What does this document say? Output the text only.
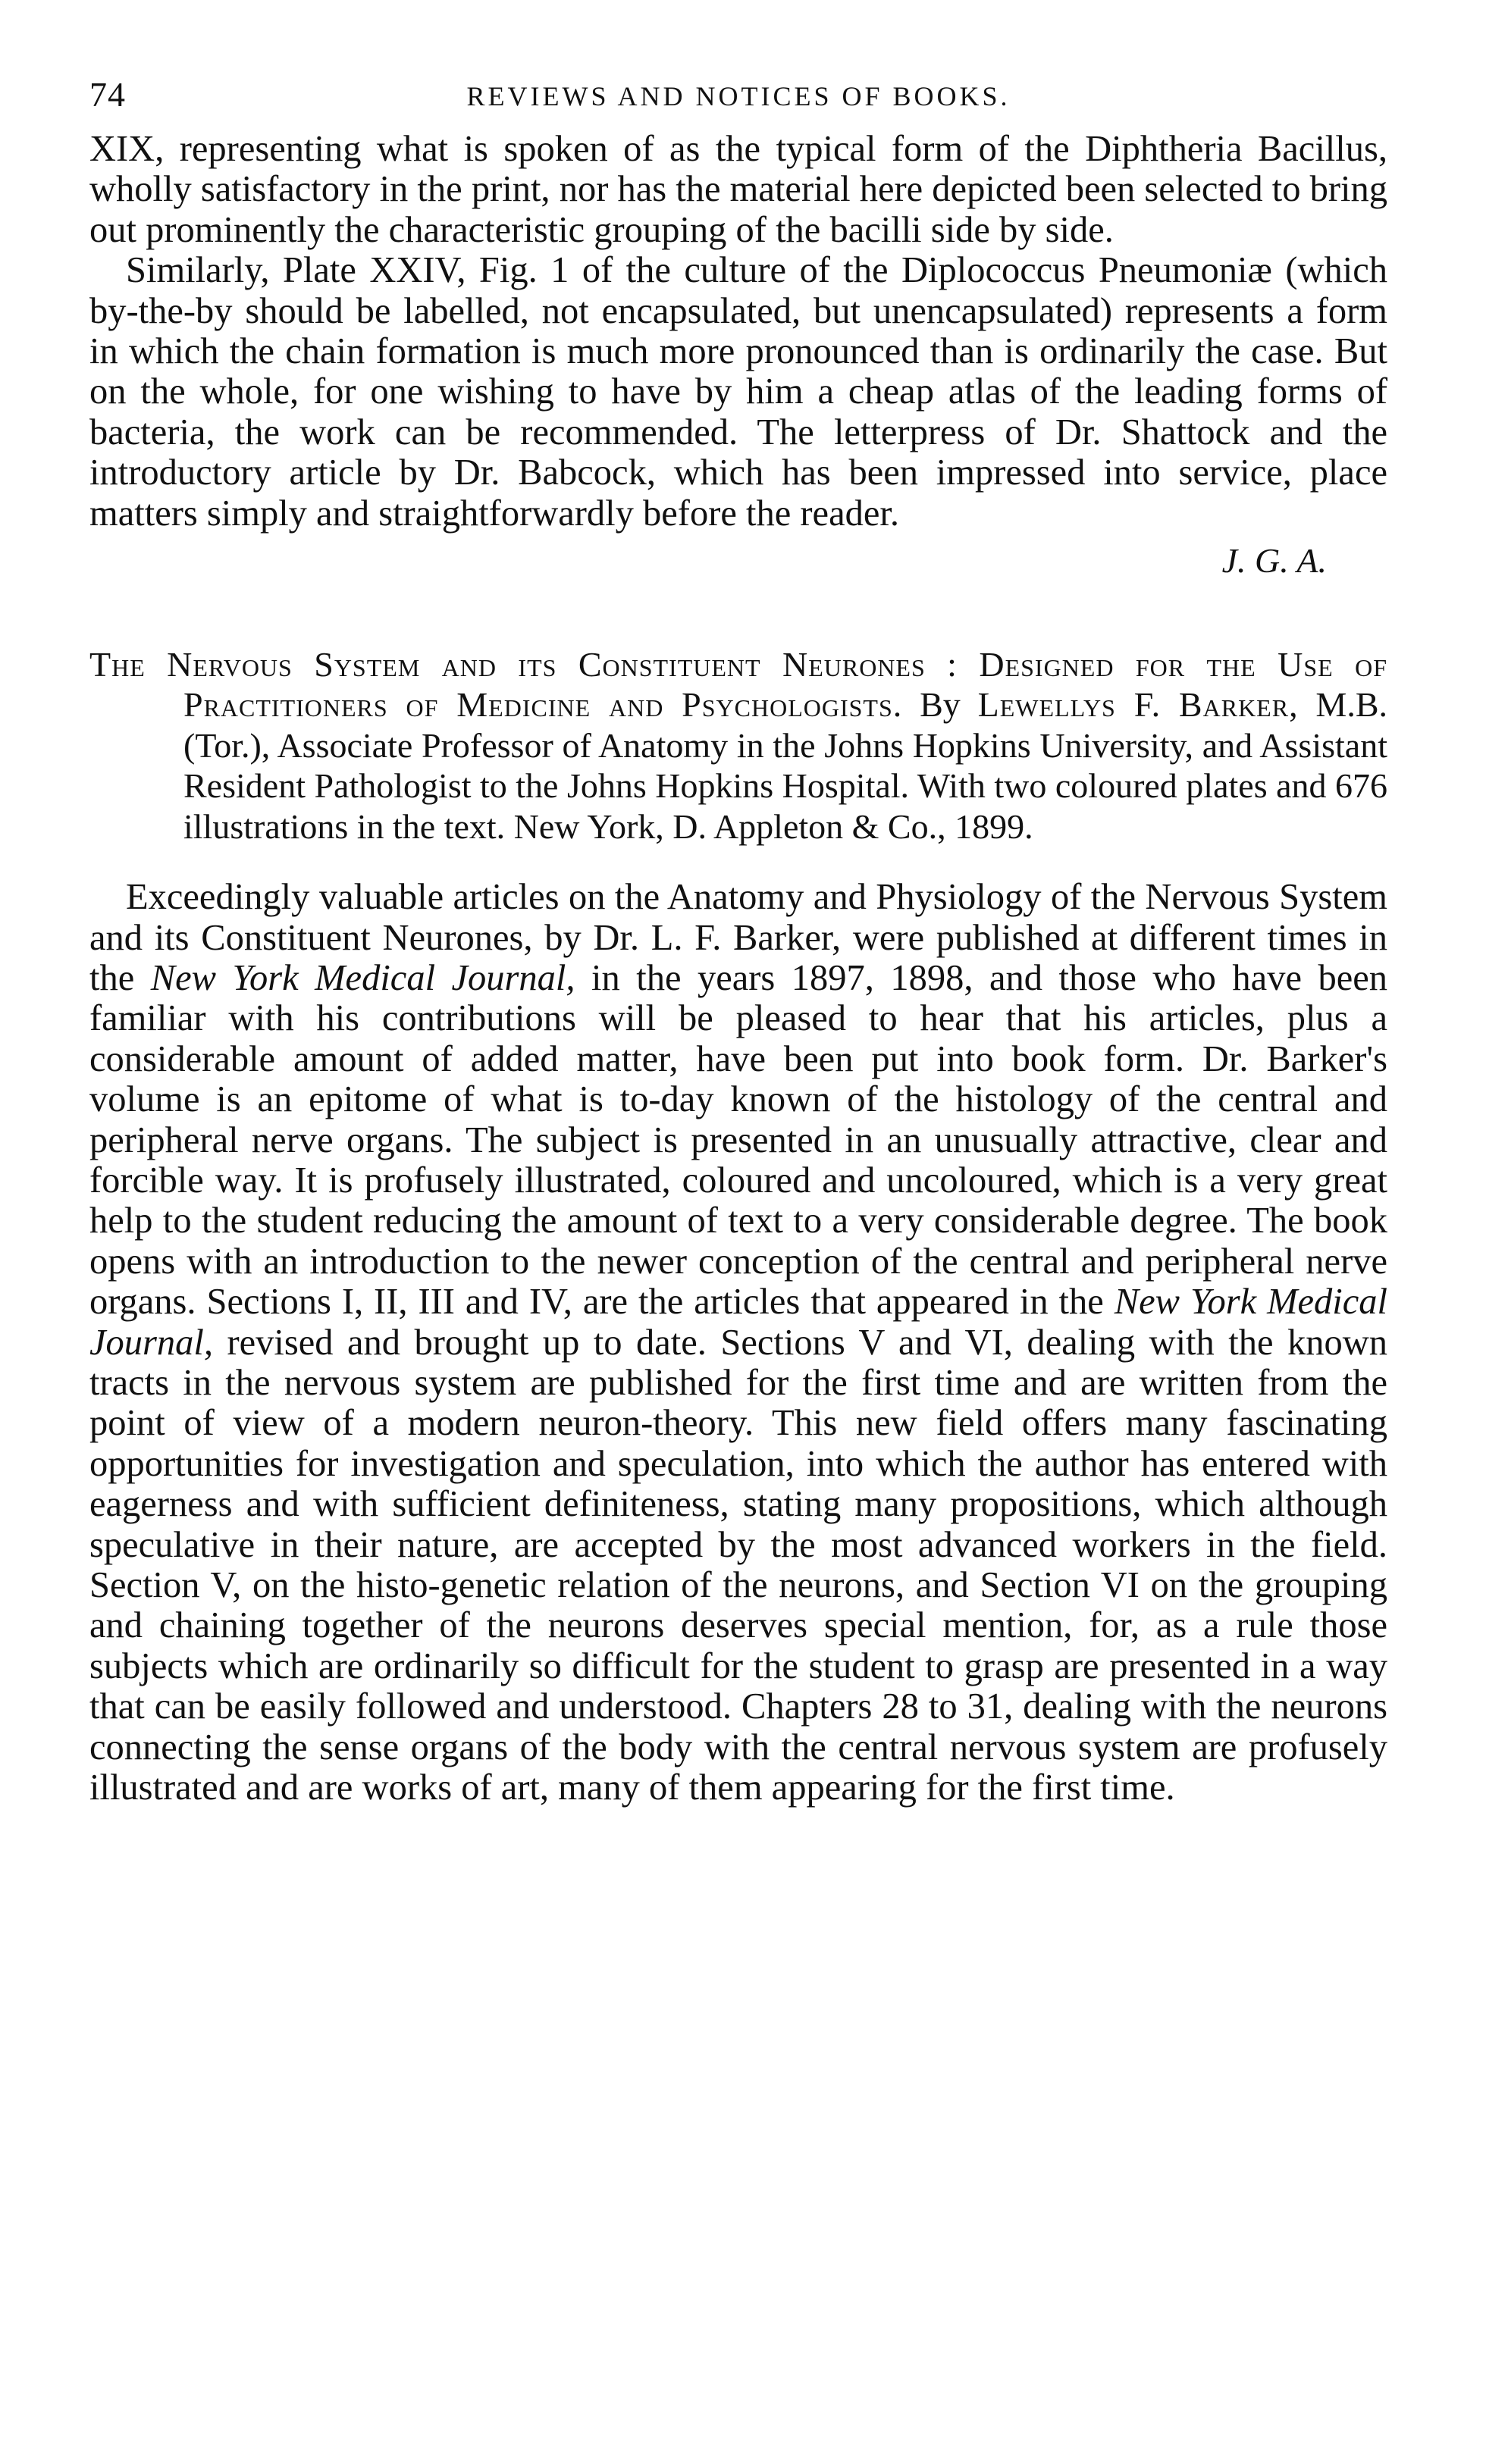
74	REVIEWS AND NOTICES OF BOOKS.

XIX, representing what is spoken of as the typical form of the Diphtheria Bacillus, wholly satisfactory in the print, nor has the material here depicted been selected to bring out prominently the characteristic grouping of the bacilli side by side.

Similarly, Plate XXIV, Fig. 1 of the culture of the Diplococcus Pneumoniæ (which by-the-by should be labelled, not encapsulated, but unencapsulated) represents a form in which the chain formation is much more pronounced than is ordinarily the case. But on the whole, for one wishing to have by him a cheap atlas of the leading forms of bacteria, the work can be recommended. The letterpress of Dr. Shattock and the introductory article by Dr. Babcock, which has been impressed into service, place matters simply and straightforwardly before the reader.

J. G. A.

The Nervous System and its Constituent Neurones : Designed for the Use of Practitioners of Medicine and Psychologists. By Lewellys F. Barker, M.B. (Tor.), Associate Professor of Anatomy in the Johns Hopkins University, and Assistant Resident Pathologist to the Johns Hopkins Hospital. With two coloured plates and 676 illustrations in the text. New York, D. Appleton & Co., 1899.

Exceedingly valuable articles on the Anatomy and Physiology of the Nervous System and its Constituent Neurones, by Dr. L. F. Barker, were published at different times in the New York Medical Journal, in the years 1897, 1898, and those who have been familiar with his contributions will be pleased to hear that his articles, plus a considerable amount of added matter, have been put into book form. Dr. Barker's volume is an epitome of what is to-day known of the histology of the central and peripheral nerve organs. The subject is presented in an unusually attractive, clear and forcible way. It is profusely illustrated, coloured and uncoloured, which is a very great help to the student reducing the amount of text to a very considerable degree. The book opens with an introduction to the newer conception of the central and peripheral nerve organs. Sections I, II, III and IV, are the articles that appeared in the New York Medical Journal, revised and brought up to date. Sections V and VI, dealing with the known tracts in the nervous system are published for the first time and are written from the point of view of a modern neuron-theory. This new field offers many fascinating opportunities for investigation and speculation, into which the author has entered with eagerness and with sufficient definiteness, stating many propositions, which although speculative in their nature, are accepted by the most advanced workers in the field. Section V, on the histo-genetic relation of the neurons, and Section VI on the grouping and chaining together of the neurons deserves special mention, for, as a rule those subjects which are ordinarily so difficult for the student to grasp are presented in a way that can be easily followed and understood. Chapters 28 to 31, dealing with the neurons connecting the sense organs of the body with the central nervous system are profusely illustrated and are works of art, many of them appearing for the first time.
